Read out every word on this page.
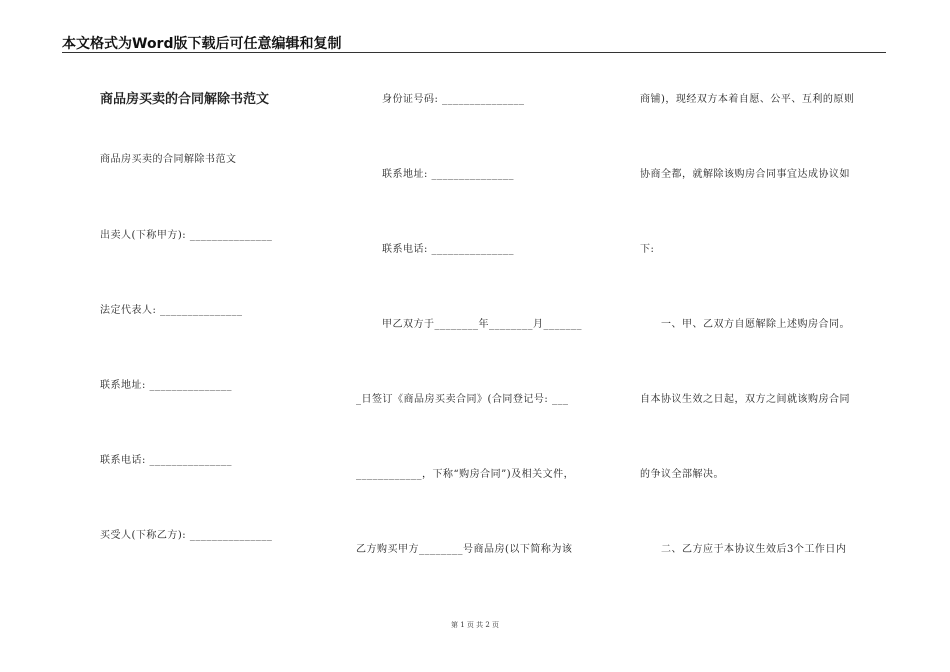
本文格式为Word版下载后可任意编辑和复制
商品房买卖的合同解除书范文
商品房买卖的合同解除书范文
出卖人(下称甲方): _______________
法定代表人: _______________
联系地址: _______________
联系电话: _______________
买受人(下称乙方): _______________
身份证号码: _______________
联系地址: _______________
联系电话: _______________
甲乙双方于________年________月_______
_日签订《商品房买卖合同》(合同登记号: ___
____________，下称“购房合同”)及相关文件，
乙方购买甲方________号商品房(以下简称为该
商铺)，现经双方本着自愿、公平、互利的原则
协商全都，就解除该购房合同事宜达成协议如
下:
　　一、甲、乙双方自愿解除上述购房合同。
自本协议生效之日起，双方之间就该购房合同
的争议全部解决。
　　二、乙方应于本协议生效后3个工作日内
第 1 页 共 2 页
